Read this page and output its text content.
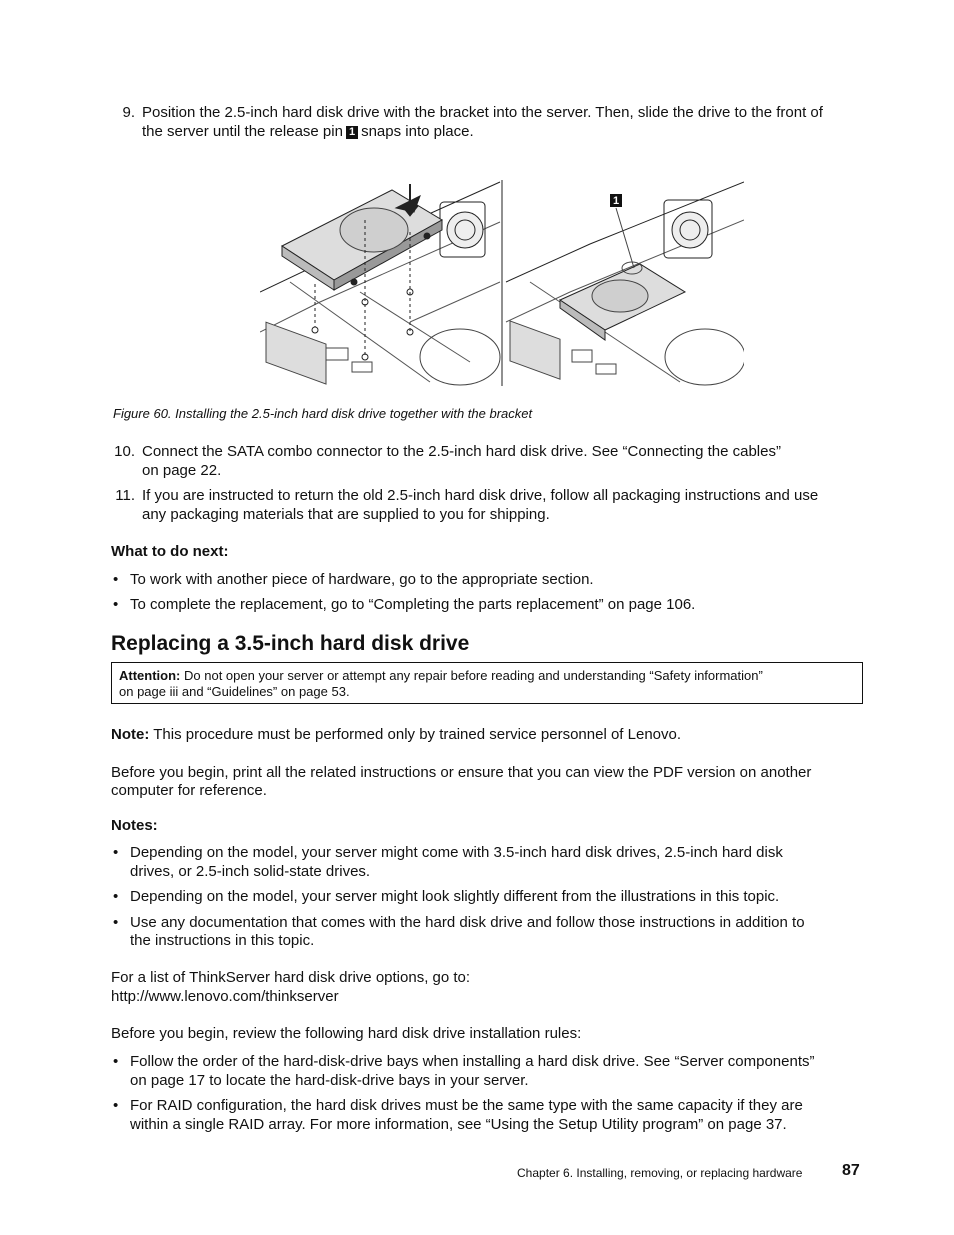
9. Position the 2.5-inch hard disk drive with the bracket into the server. Then, slide the drive to the front of
the server until the release pin 1 snaps into place.
1
Figure 60. Installing the 2.5-inch hard disk drive together with the bracket
10. Connect the SATA combo connector to the 2.5-inch hard disk drive. See “Connecting the cables”
on page 22.
11. If you are instructed to return the old 2.5-inch hard disk drive, follow all packaging instructions and use
any packaging materials that are supplied to you for shipping.
What to do next:
• To work with another piece of hardware, go to the appropriate section.
• To complete the replacement, go to “Completing the parts replacement” on page 106.
Replacing a 3.5-inch hard disk drive
Attention: Do not open your server or attempt any repair before reading and understanding “Safety information”
on page iii and “Guidelines” on page 53.
Note: This procedure must be performed only by trained service personnel of Lenovo.
Before you begin, print all the related instructions or ensure that you can view the PDF version on another
computer for reference.
Notes:
• Depending on the model, your server might come with 3.5-inch hard disk drives, 2.5-inch hard disk
drives, or 2.5-inch solid-state drives.
• Depending on the model, your server might look slightly different from the illustrations in this topic.
• Use any documentation that comes with the hard disk drive and follow those instructions in addition to
the instructions in this topic.
For a list of ThinkServer hard disk drive options, go to:
http://www.lenovo.com/thinkserver
Before you begin, review the following hard disk drive installation rules:
• Follow the order of the hard-disk-drive bays when installing a hard disk drive. See “Server components”
on page 17 to locate the hard-disk-drive bays in your server.
• For RAID configuration, the hard disk drives must be the same type with the same capacity if they are
within a single RAID array. For more information, see “Using the Setup Utility program” on page 37.
Chapter 6. Installing, removing, or replacing hardware 87
